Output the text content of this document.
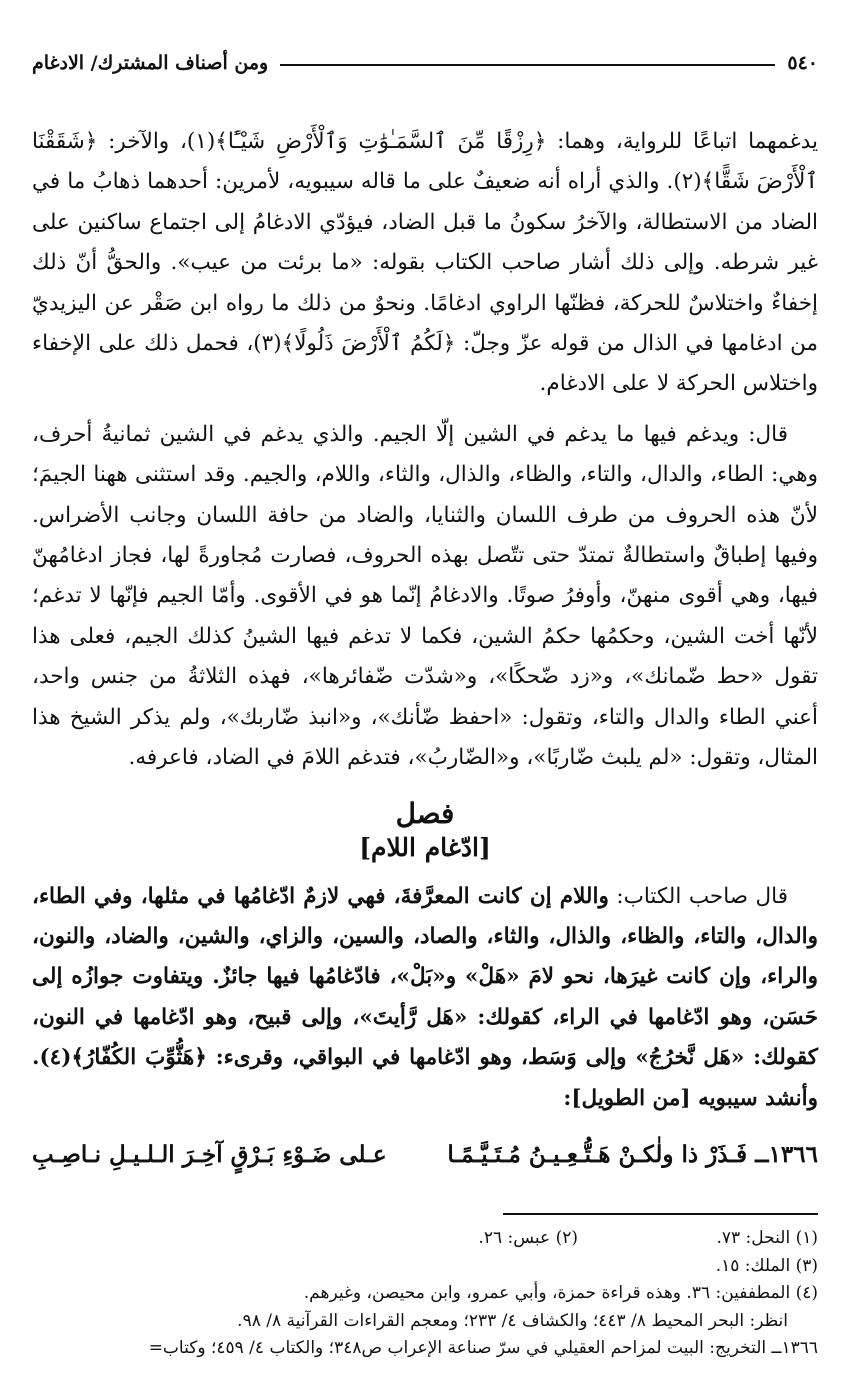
٥٤٠
ومن أصناف المشترك/ الادغام

يدغمهما اتباعًا للرواية، وهما: ﴿رِزْقًا مِّنَ ٱلسَّمَـٰوَٰتِ وَٱلْأَرْضِ شَيْـًٔا﴾(١)، والآخر: ﴿شَقَقْنَا ٱلْأَرْضَ شَقًّا﴾(٢). والذي أراه أنه ضعيفٌ على ما قاله سيبويه، لأمرين: أحدهما ذهابُ ما في الضاد من الاستطالة، والآخرُ سكونُ ما قبل الضاد، فيؤدّي الادغامُ إلى اجتماع ساكنين على غير شرطه. وإلى ذلك أشار صاحب الكتاب بقوله: «ما برئت من عيب». والحقُّ أنّ ذلك إخفاءٌ واختلاسٌ للحركة، فظنّها الراوي ادغامًا. ونحوٌ من ذلك ما رواه ابن صَقْر عن اليزيديّ من ادغامها في الذال من قوله عزّ وجلّ: ﴿لَكُمُ ٱلْأَرْضَ ذَلُولًا﴾(٣)، فحمل ذلك على الإخفاء واختلاس الحركة لا على الادغام.

قال: ويدغم فيها ما يدغم في الشين إلّا الجيم. والذي يدغم في الشين ثمانيةُ أحرف، وهي: الطاء، والدال، والتاء، والظاء، والذال، والثاء، واللام، والجيم. وقد استثنى ههنا الجيمَ؛ لأنّ هذه الحروف من طرف اللسان والثنايا، والضاد من حافة اللسان وجانب الأضراس. وفيها إطباقٌ واستطالةٌ تمتدّ حتى تتّصل بهذه الحروف، فصارت مُجاورةً لها، فجاز ادغامُهنّ فيها، وهي أقوى منهنّ، وأوفرُ صوتًا. والادغامُ إنّما هو في الأقوى. وأمّا الجيم فإنّها لا تدغم؛ لأنّها أخت الشين، وحكمُها حكمُ الشين، فكما لا تدغم فيها الشينُ كذلك الجيم، فعلى هذا تقول «حط ضّمانك»، و«زد ضّحكًا»، و«شدّت ضّفائرها»، فهذه الثلاثةُ من جنس واحد، أعني الطاء والدال والتاء، وتقول: «احفظ ضّأنك»، و«انبذ ضّاربك»، ولم يذكر الشيخ هذا المثال، وتقول: «لم يلبث ضّاربًا»، و«الضّاربُ»، فتدغم اللامَ في الضاد، فاعرفه.

فصل
[ادّغام اللام]

قال صاحب الكتاب: واللام إن كانت المعرَّفةَ، فهي لازمٌ ادّغامُها في مثلها، وفي الطاء، والدال، والتاء، والظاء، والذال، والثاء، والصاد، والسين، والزاي، والشين، والضاد، والنون، والراء، وإن كانت غيرَها، نحو لامَ «هَلْ» و«بَلْ»، فادّغامُها فيها جائزٌ. ويتفاوت جوازُه إلى حَسَن، وهو ادّغامها في الراء، كقولك: «هَل رَّأيتَ»، وإلى قبيح، وهو ادّغامها في النون، كقولك: «هَل نَّخرُجُ» وإلى وَسَط، وهو ادّغامها في البواقي، وقرىء: ﴿هَثُّوِّبَ الكُفّارُ﴾(٤). وأنشد سيبويه [من الطويل]:

١٣٦٦ــ فَـذَرْ ذا ولٰكـنْ هَـتُّـعِـيـنُ مُـتَـيَّـمًـا
عـلى ضَـوْءِ بَـرْقٍ آخِـرَ الـلـيـلِ نـاصِـبِ
(١) النحل: ٧٣.
(٢) عبس: ٢٦.
(٣) الملك: ١٥.
(٤) المطففين: ٣٦. وهذه قراءة حمزة، وأبي عمرو، وابن محيصن، وغيرهم.
انظر: البحر المحيط ٨/ ٤٤٣؛ والكشاف ٤/ ٢٣٣؛ ومعجم القراءات القرآنية ٨/ ٩٨.
١٣٦٦ــ التخريج: البيت لمزاحم العقيلي في سرّ صناعة الإعراب ص٣٤٨؛ والكتاب ٤/ ٤٥٩؛ وكتاب=
